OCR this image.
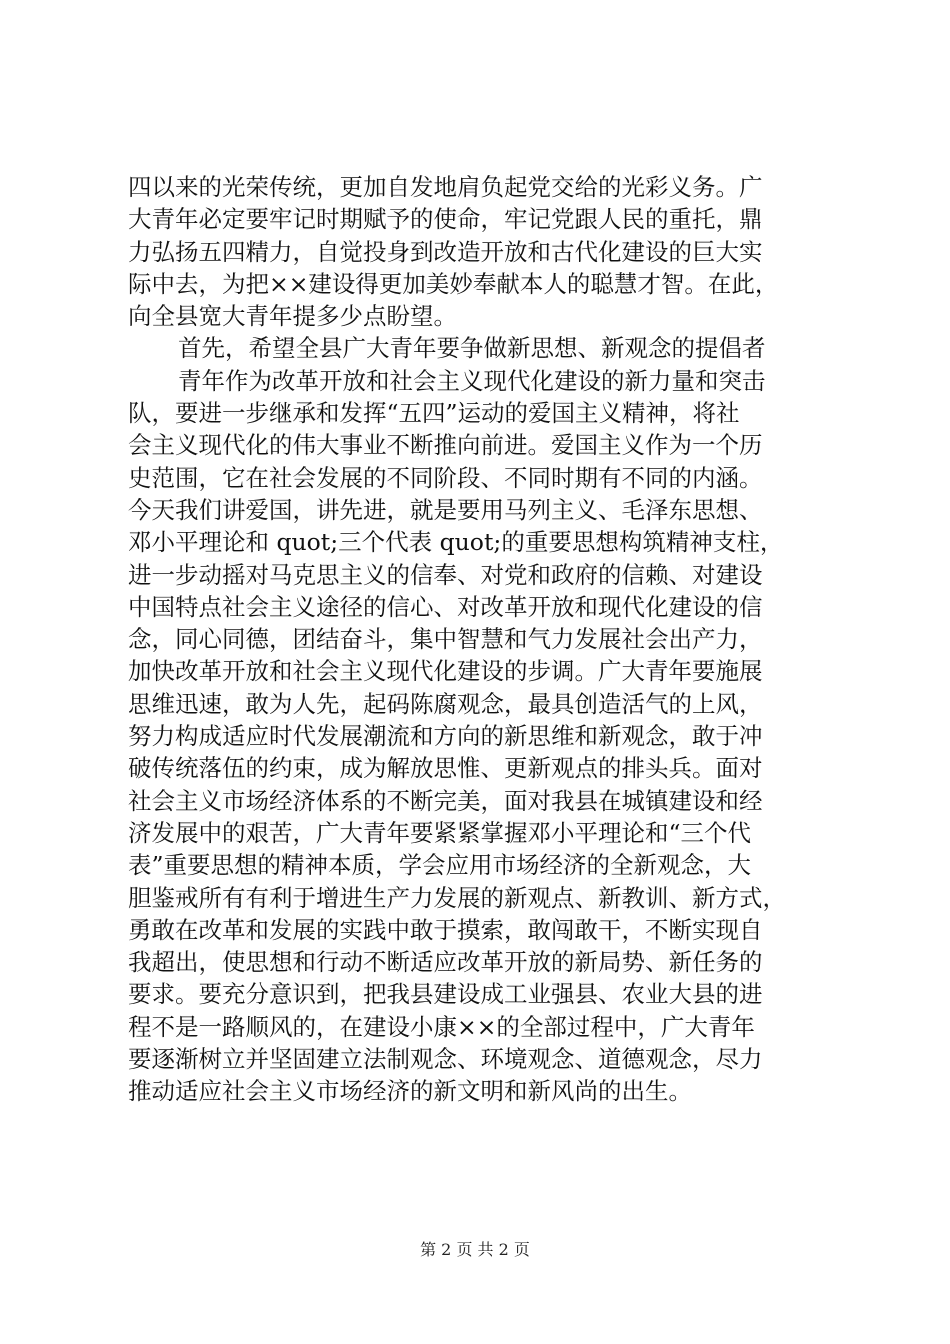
四以来的光荣传统，更加自发地肩负起党交给的光彩义务。广
大青年必定要牢记时期赋予的使命，牢记党跟人民的重托，鼎
力弘扬五四精力，自觉投身到改造开放和古代化建设的巨大实
际中去，为把××建设得更加美妙奉献本人的聪慧才智。在此，
向全县宽大青年提多少点盼望。
首先，希望全县广大青年要争做新思想、新观念的提倡者
青年作为改革开放和社会主义现代化建设的新力量和突击
队，要进一步继承和发挥“五四”运动的爱国主义精神，将社
会主义现代化的伟大事业不断推向前进。爱国主义作为一个历
史范围，它在社会发展的不同阶段、不同时期有不同的内涵。
今天我们讲爱国，讲先进，就是要用马列主义、毛泽东思想、
邓小平理论和 quot;三个代表 quot;的重要思想构筑精神支柱，
进一步动摇对马克思主义的信奉、对党和政府的信赖、对建设
中国特点社会主义途径的信心、对改革开放和现代化建设的信
念，同心同德，团结奋斗，集中智慧和气力发展社会出产力，
加快改革开放和社会主义现代化建设的步调。广大青年要施展
思维迅速，敢为人先，起码陈腐观念，最具创造活气的上风，
努力构成适应时代发展潮流和方向的新思维和新观念，敢于冲
破传统落伍的约束，成为解放思惟、更新观点的排头兵。面对
社会主义市场经济体系的不断完美，面对我县在城镇建设和经
济发展中的艰苦，广大青年要紧紧掌握邓小平理论和“三个代
表”重要思想的精神本质，学会应用市场经济的全新观念，大
胆鉴戒所有有利于增进生产力发展的新观点、新教训、新方式，
勇敢在改革和发展的实践中敢于摸索，敢闯敢干，不断实现自
我超出，使思想和行动不断适应改革开放的新局势、新任务的
要求。要充分意识到，把我县建设成工业强县、农业大县的进
程不是一路顺风的，在建设小康××的全部过程中，广大青年
要逐渐树立并坚固建立法制观念、环境观念、道德观念，尽力
推动适应社会主义市场经济的新文明和新风尚的出生。
第 2 页 共 2 页
